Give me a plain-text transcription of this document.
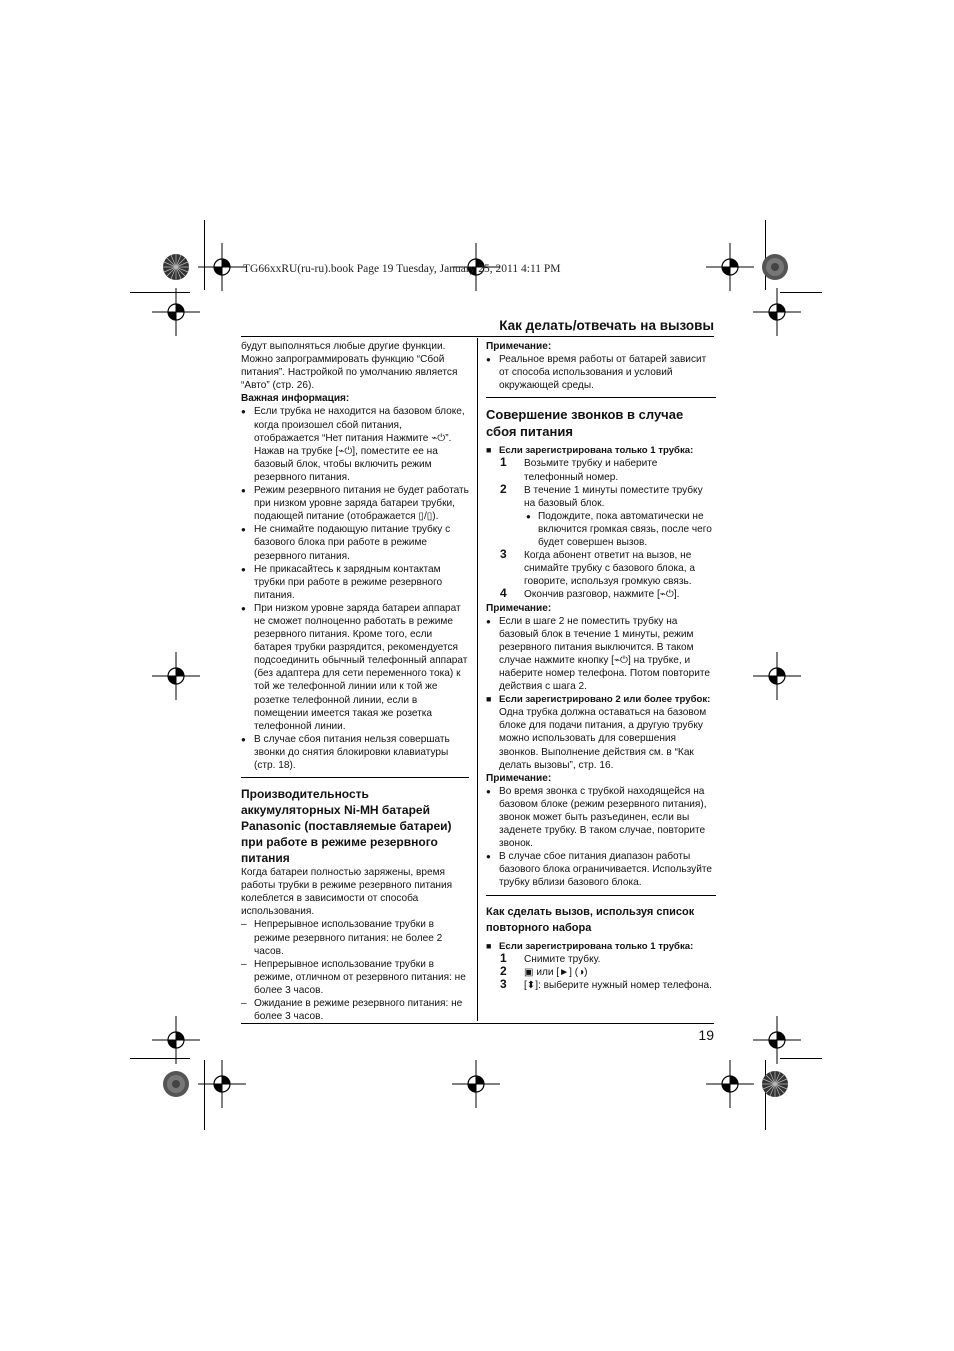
TG66xxRU(ru-ru).book Page 19 Tuesday, January 25, 2011 4:11 PM
Как делать/отвечать на вызовы

будут выполняться любые другие функции. Можно запрограммировать функцию “Сбой питания”. Настройкой по умолчанию является “Авто” (стр. 26).

Важная информация:

● Если трубка не находится на базовом блоке, когда произошел сбой питания, отображается “Нет питания Нажмите ⌁⏻”. Нажав на трубке [⌁⏻], поместите ее на базовый блок, чтобы включить режим резервного питания.

● Режим резервного питания не будет работать при низком уровне заряда батареи трубки, подающей питание (отображается ▯/▯).

● Не снимайте подающую питание трубку с базового блока при работе в режиме резервного питания.

● Не прикасайтесь к зарядным контактам трубки при работе в режиме резервного питания.

● При низком уровне заряда батареи аппарат не сможет полноценно работать в режиме резервного питания. Кроме того, если батарея трубки разрядится, рекомендуется подсоединить обычный телефонный аппарат (без адаптера для сети переменного тока) к той же телефонной линии или к той же розетке телефонной линии, если в помещении имеется такая же розетка телефонной линии.

● В случае сбоя питания нельзя совершать звонки до снятия блокировки клавиатуры (стр. 18).

Производительность аккумуляторных Ni-MH батарей Panasonic (поставляемые батареи) при работе в режиме резервного питания

Когда батареи полностью заряжены, время работы трубки в режиме резервного питания колеблется в зависимости от способа использования.

– Непрерывное использование трубки в режиме резервного питания: не более 2 часов.

– Непрерывное использование трубки в режиме, отличном от резервного питания: не более 3 часов.

– Ожидание в режиме резервного питания: не более 3 часов.

Примечание:

● Реальное время работы от батарей зависит от способа использования и условий окружающей среды.

Совершение звонков в случае сбоя питания

■ Если зарегистрирована только 1 трубка:

1 Возьмите трубку и наберите телефонный номер.

2 В течение 1 минуты поместите трубку на базовый блок.

● Подождите, пока автоматически не включится громкая связь, после чего будет совершен вызов.

3 Когда абонент ответит на вызов, не снимайте трубку с базового блока, а говорите, используя громкую связь.

4 Окончив разговор, нажмите [⌁⏻].

Примечание:

● Если в шаге 2 не поместить трубку на базовый блок в течение 1 минуты, режим резервного питания выключится. В таком случае нажмите кнопку [⌁⏻] на трубке, и наберите номер телефона. Потом повторите действия с шага 2.

■ Если зарегистрировано 2 или более трубок:

Одна трубка должна оставаться на базовом блоке для подачи питания, а другую трубку можно использовать для совершения звонков. Выполнение действия см. в “Как делать вызовы”, стр. 16.

Примечание:

● Во время звонка с трубкой находящейся на базовом блоке (режим резервного питания), звонок может быть разъединен, если вы заденете трубку. В таком случае, повторите звонок.

● В случае сбое питания диапазон работы базового блока ограничивается. Используйте трубку вблизи базового блока.

Как сделать вызов, используя список повторного набора

■ Если зарегистрирована только 1 трубка:

1 Снимите трубку.

2 ▣ или [►] (◑)

3 [⬍]: выберите нужный номер телефона.

19
